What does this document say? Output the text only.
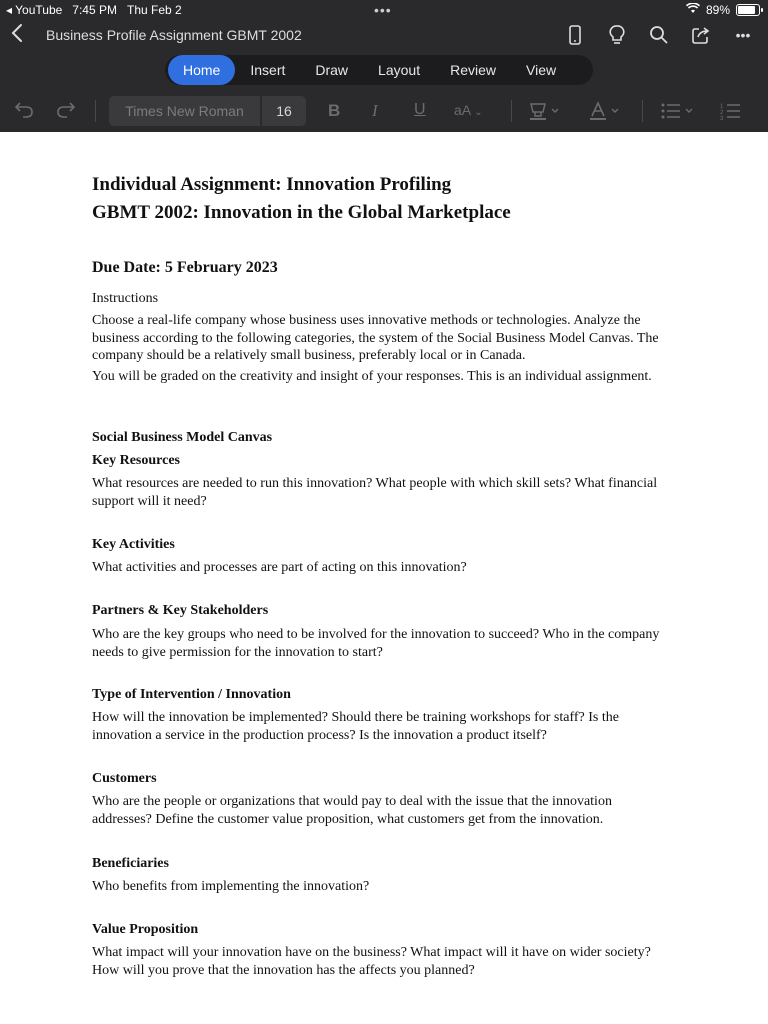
◂ YouTube 7:45 PM Thu Feb 2	•••	89%
Business Profile Assignment GBMT 2002	•••
Home	Insert	Draw	Layout	Review	View
Times New Roman	16	B I U aA ⌄	1
2
3
Individual Assignment: Innovation Profiling
GBMT 2002: Innovation in the Global Marketplace
Due Date: 5 February 2023
Instructions
Choose a real-life company whose business uses innovative methods or technologies. Analyze the business according to the following categories, the system of the Social Business Model Canvas. The company should be a relatively small business, preferably local or in Canada.
You will be graded on the creativity and insight of your responses. This is an individual assignment.
Social Business Model Canvas
Key Resources
What resources are needed to run this innovation? What people with which skill sets? What financial support will it need?
Key Activities
What activities and processes are part of acting on this innovation?
Partners & Key Stakeholders
Who are the key groups who need to be involved for the innovation to succeed? Who in the company needs to give permission for the innovation to start?
Type of Intervention / Innovation
How will the innovation be implemented? Should there be training workshops for staff? Is the innovation a service in the production process? Is the innovation a product itself?
Customers
Who are the people or organizations that would pay to deal with the issue that the innovation addresses? Define the customer value proposition, what customers get from the innovation.
Beneficiaries
Who benefits from implementing the innovation?
Value Proposition
What impact will your innovation have on the business? What impact will it have on wider society? How will you prove that the innovation has the affects you planned?
